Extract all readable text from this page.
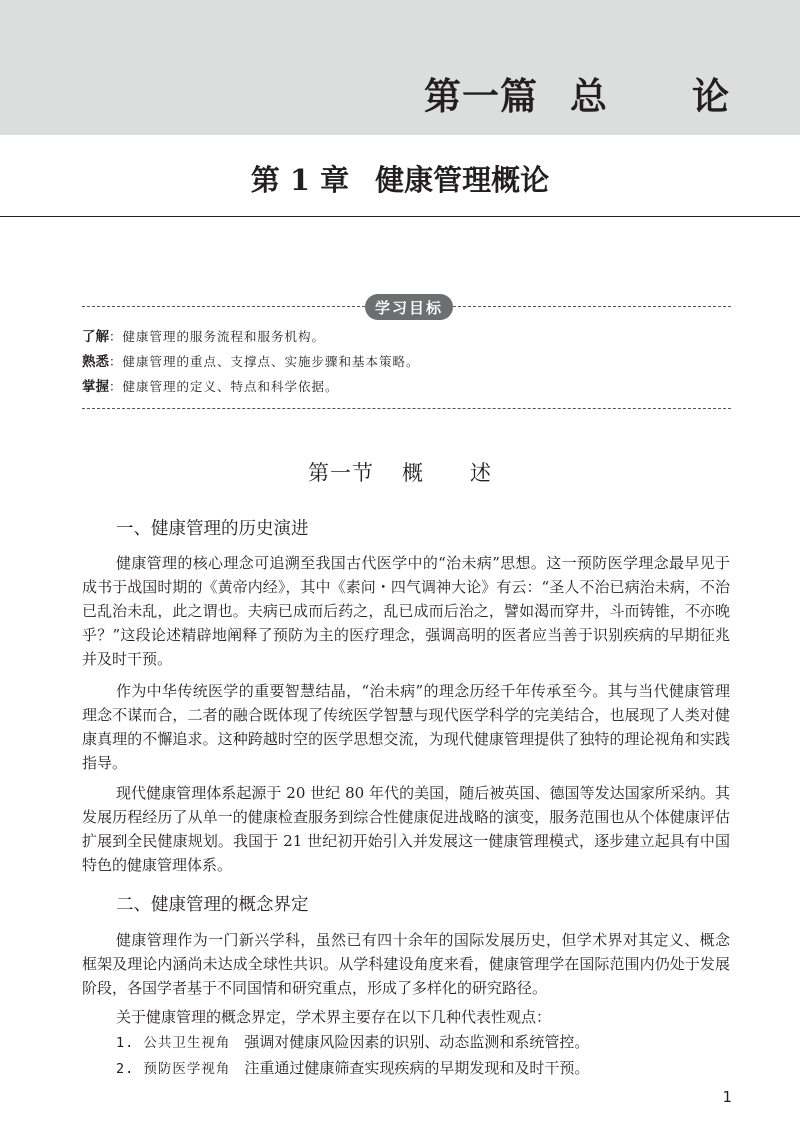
第一篇 总 论
第 1 章 健康管理概论
学习目标
了解：健康管理的服务流程和服务机构。
熟悉：健康管理的重点、支撑点、实施步骤和基本策略。
掌握：健康管理的定义、特点和科学依据。
第一节 概 述
一、健康管理的历史演进

健康管理的核心理念可追溯至我国古代医学中的“治未病”思想。这一预防医学理念最早见于成书于战国时期的《黄帝内经》，其中《素问・四气调神大论》有云：“圣人不治已病治未病，不治已乱治未乱，此之谓也。夫病已成而后药之，乱已成而后治之，譬如渴而穿井，斗而铸锥，不亦晚乎？”这段论述精辟地阐释了预防为主的医疗理念，强调高明的医者应当善于识别疾病的早期征兆并及时干预。

作为中华传统医学的重要智慧结晶，“治未病”的理念历经千年传承至今。其与当代健康管理理念不谋而合，二者的融合既体现了传统医学智慧与现代医学科学的完美结合，也展现了人类对健康真理的不懈追求。这种跨越时空的医学思想交流，为现代健康管理提供了独特的理论视角和实践指导。

现代健康管理体系起源于 20 世纪 80 年代的美国，随后被英国、德国等发达国家所采纳。其发展历程经历了从单一的健康检查服务到综合性健康促进战略的演变，服务范围也从个体健康评估扩展到全民健康规划。我国于 21 世纪初开始引入并发展这一健康管理模式，逐步建立起具有中国特色的健康管理体系。

二、健康管理的概念界定

健康管理作为一门新兴学科，虽然已有四十余年的国际发展历史，但学术界对其定义、概念框架及理论内涵尚未达成全球性共识。从学科建设角度来看，健康管理学在国际范围内仍处于发展阶段，各国学者基于不同国情和研究重点，形成了多样化的研究路径。

关于健康管理的概念界定，学术界主要存在以下几种代表性观点：

1. 公共卫生视角 强调对健康风险因素的识别、动态监测和系统管控。
2. 预防医学视角 注重通过健康筛查实现疾病的早期发现和及时干预。
1
